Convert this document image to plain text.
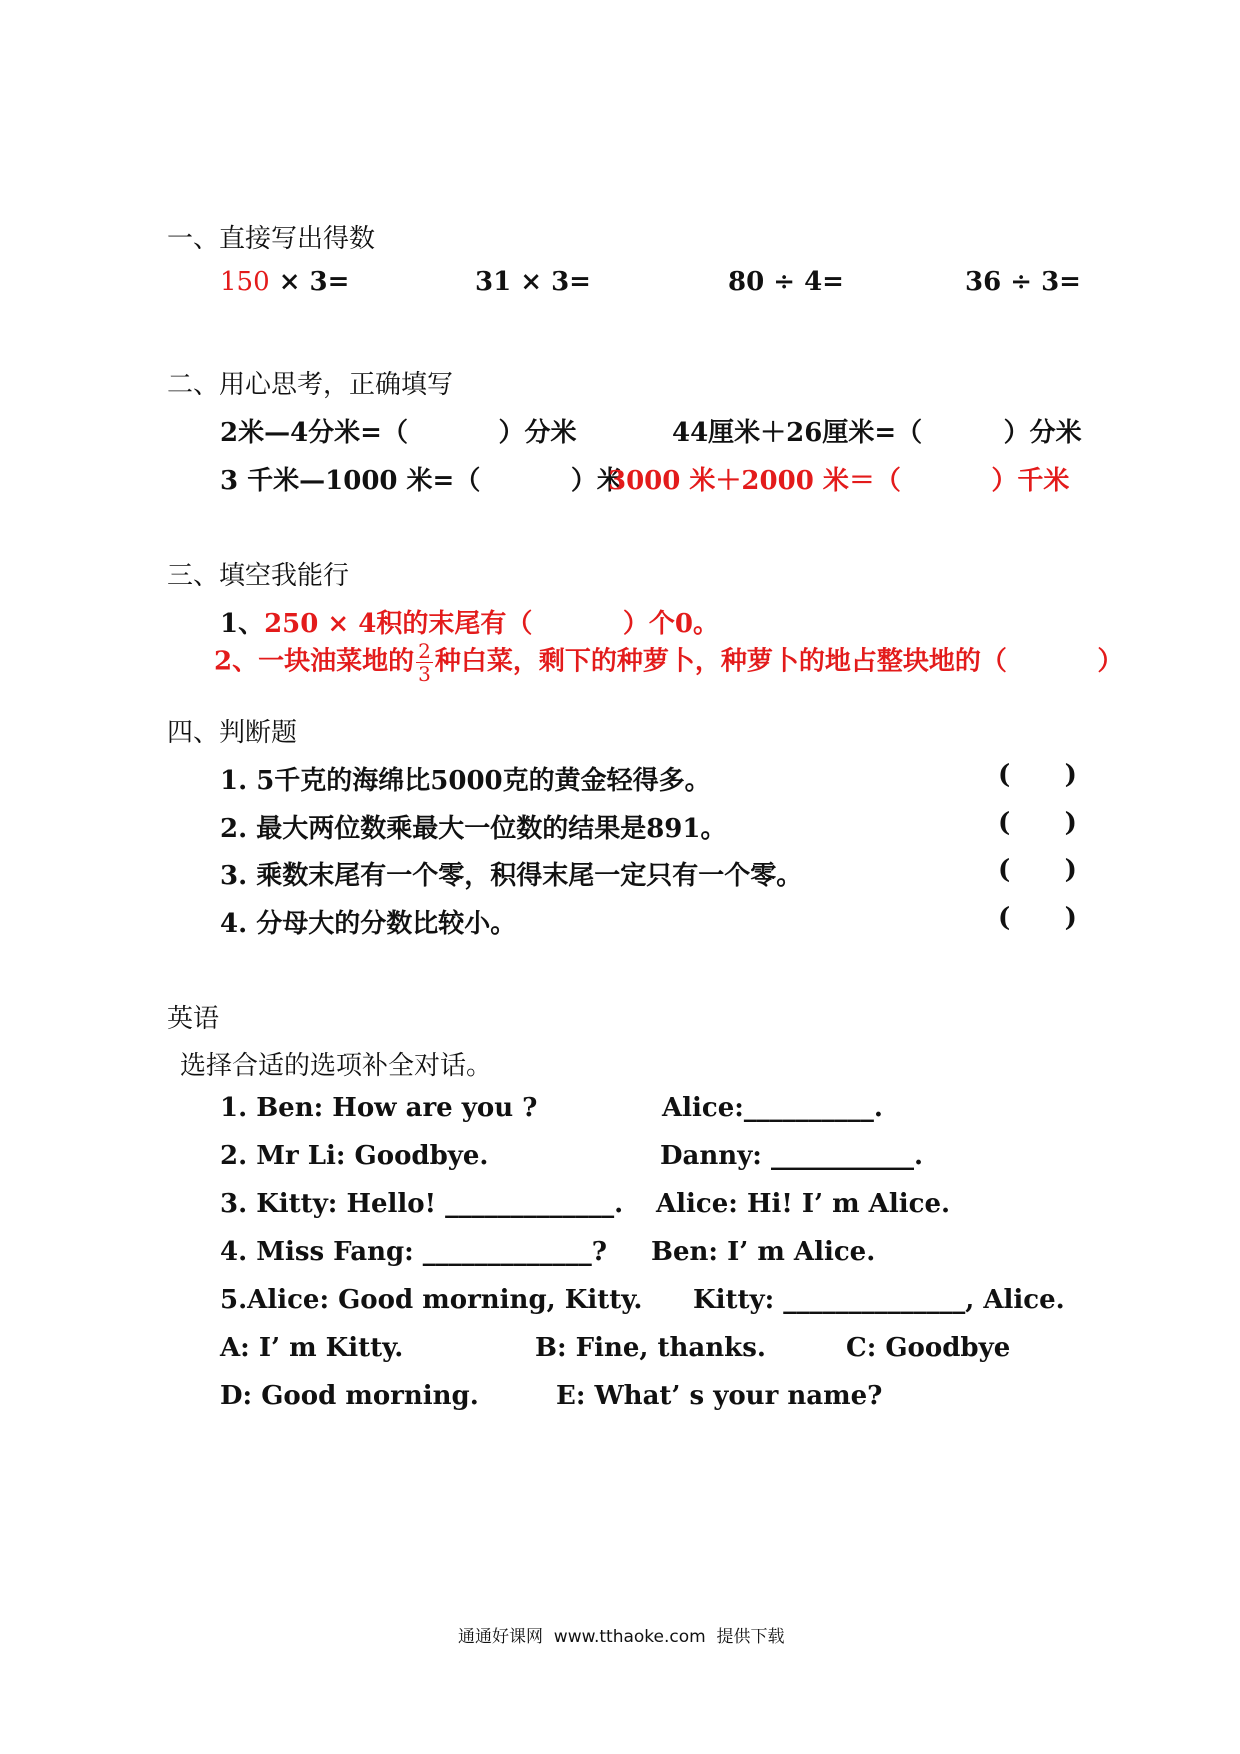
一、直接写出得数
150 × 3=	31 × 3=	80 ÷ 4=	36 ÷ 3=
二、用心思考，正确填写
2米—4分米=（          ）分米	44厘米＋26厘米=（         ）分米
3 千米—1000 米=（          ）米
3000 米＋2000 米＝（          ）千米
三、填空我能行
1、250 × 4积的末尾有（          ）个0。
2、一块油菜地的 $\frac{2}{3}$ 种白菜，剩下的种萝卜，种萝卜的地占整块地的（          ）
四、判断题
1. 5千克的海绵比5000克的黄金轻得多。	(      )
2. 最大两位数乘最大一位数的结果是891。	(      )
3. 乘数末尾有一个零，积得末尾一定只有一个零。	(      )
4. 分母大的分数比较小。	(      )
英语
选择合适的选项补全对话。
1. Ben: How are you ?	Alice:__________.
2. Mr Li: Goodbye.	Danny: ___________.
3. Kitty: Hello! _____________. Alice: Hi! I’ m Alice.
4. Miss Fang: _____________? Ben: I’ m Alice.
5.Alice: Good morning, Kitty. Kitty: ______________, Alice.
A: I’ m Kitty.	B: Fine, thanks.	C: Goodbye
D: Good morning.	E: What’ s your name?
通通好课网  www.tthaoke.com  提供下载
